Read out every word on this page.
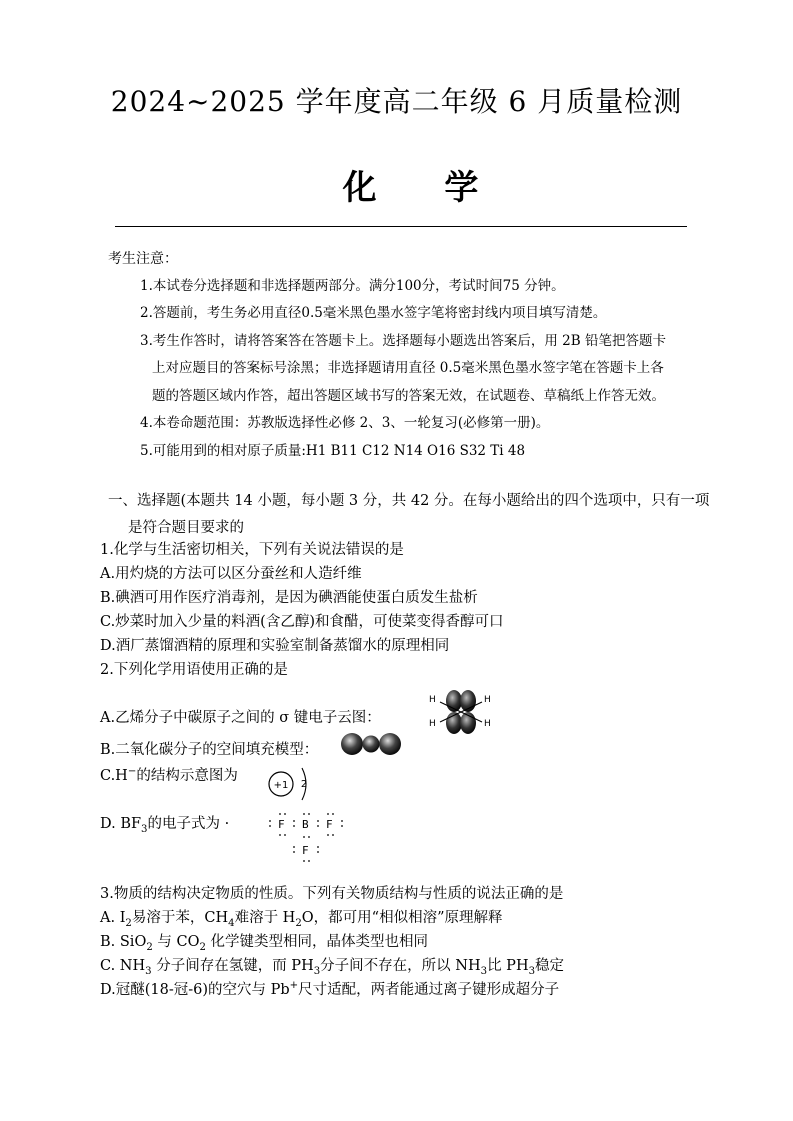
2024~2025 学年度高二年级 6 月质量检测
化 学
考生注意：
1.本试卷分选择题和非选择题两部分。满分100分，考试时间75 分钟。
2.答题前，考生务必用直径0.5毫米黑色墨水签字笔将密封线内项目填写清楚。
3.考生作答时，请将答案答在答题卡上。选择题每小题选出答案后，用 2B 铅笔把答题卡
上对应题目的答案标号涂黑；非选择题请用直径 0.5毫米黑色墨水签字笔在答题卡上各
题的答题区域内作答，超出答题区域书写的答案无效，在试题卷、草稿纸上作答无效。
4.本卷命题范围：苏教版选择性必修 2、3、一轮复习(必修第一册)。
5.可能用到的相对原子质量:H1 B11 C12 N14 O16 S32 Ti 48
一、选择题(本题共 14 小题，每小题 3 分，共 42 分。在每小题给出的四个选项中，只有一项
是符合题目要求的
1.化学与生活密切相关，下列有关说法错误的是
A.用灼烧的方法可以区分蚕丝和人造纤维
B.碘酒可用作医疗消毒剂，是因为碘酒能使蛋白质发生盐析
C.炒菜时加入少量的料酒(含乙醇)和食醋，可使菜变得香醇可口
D.酒厂蒸馏酒精的原理和实验室制备蒸馏水的原理相同
2.下列化学用语使用正确的是
A.乙烯分子中碳原子之间的 σ 键电子云图：
H
H
H
H
B.二氧化碳分子的空间填充模型：
C.H−的结构示意图为
+1 2
D. $BF_3$的电子式为 ·	F B F
F
3.物质的结构决定物质的性质。下列有关物质结构与性质的说法正确的是
A. $I_2$易溶于苯，$CH_4$难溶于 $H_2O$，都可用“相似相溶”原理解释
B. SiO$_2$ 与 $CO_2$ 化学键类型相同，晶体类型也相同
C. $NH_3$ 分子间存在氢键，而 $PH_3$分子间不存在，所以 $NH_3$比 $PH_3$稳定
D.冠醚(18-冠-6)的空穴与 Pb+尺寸适配，两者能通过离子键形成超分子
